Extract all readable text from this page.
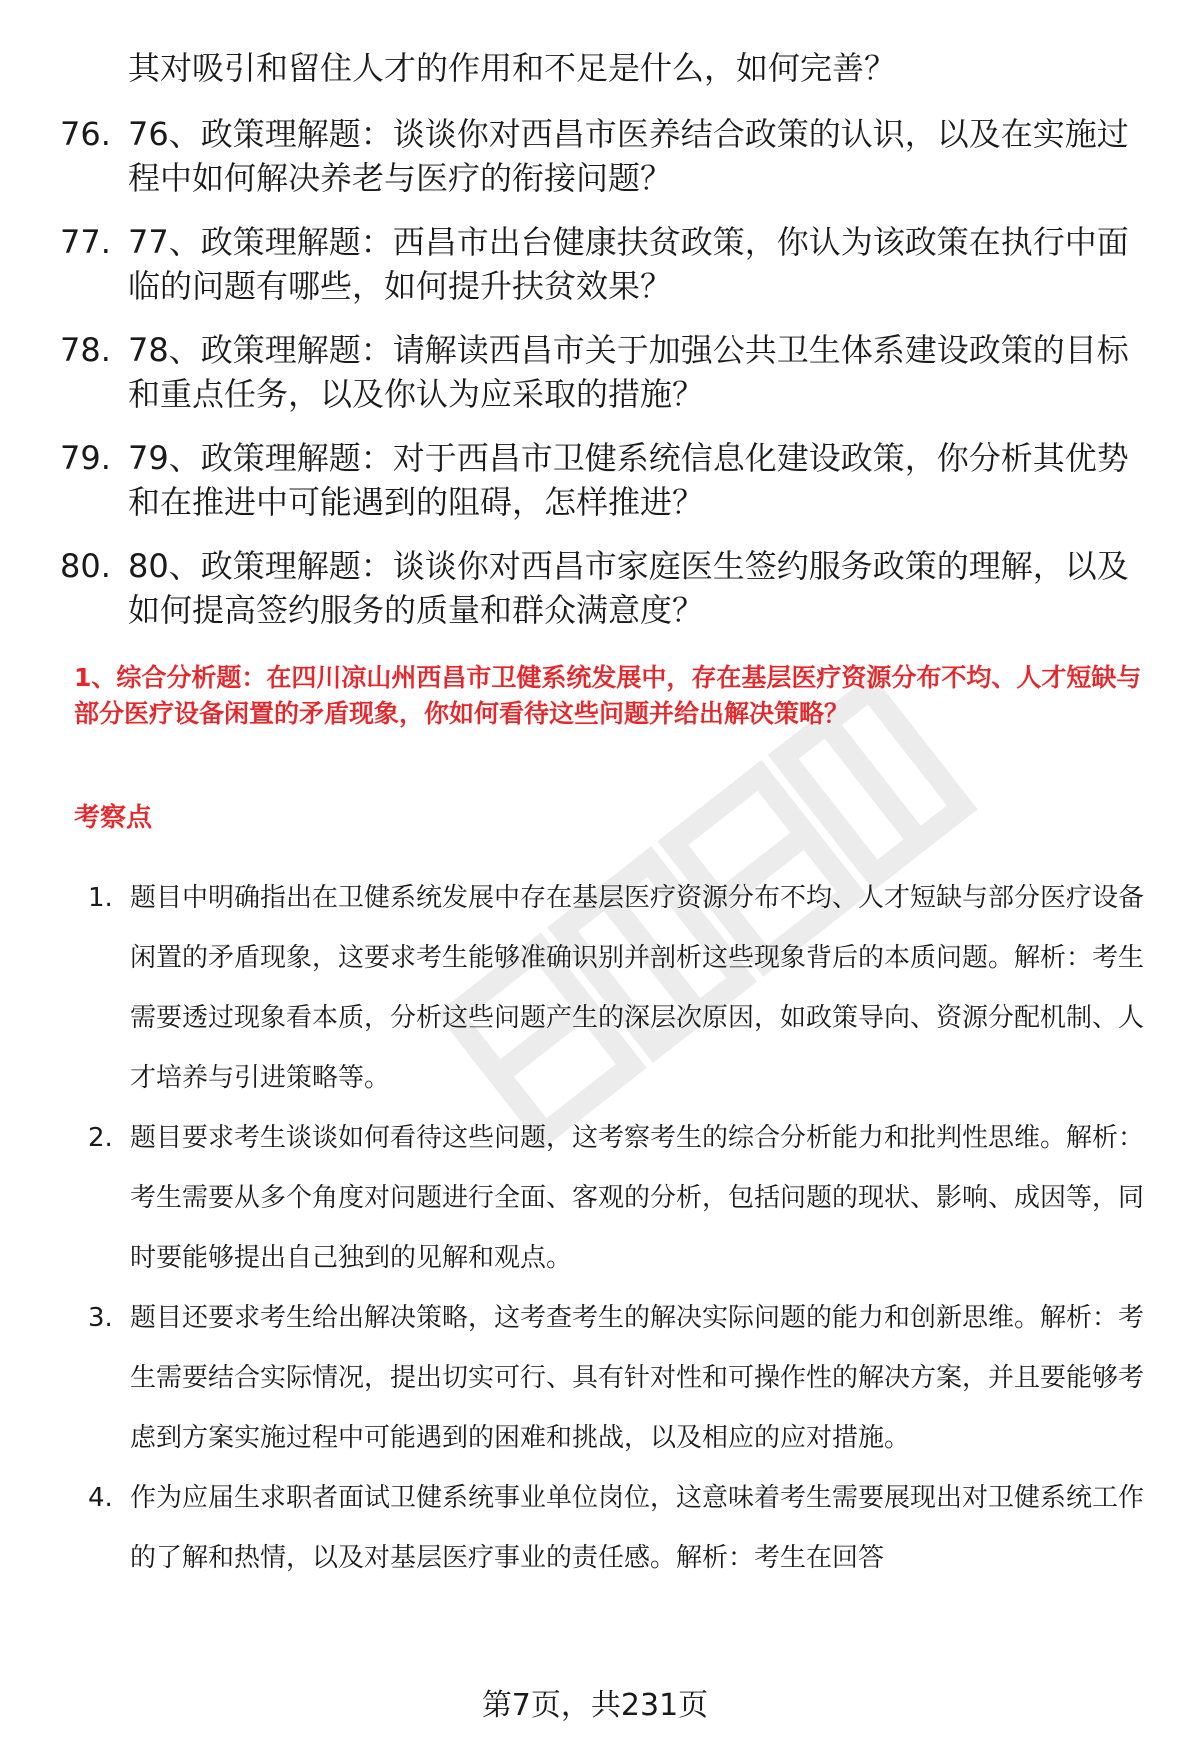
其对吸引和留住人才的作用和不足是什么，如何完善？

76. 76、政策理解题：谈谈你对西昌市医养结合政策的认识，以及在实施过程中如何解决养老与医疗的衔接问题？
77. 77、政策理解题：西昌市出台健康扶贫政策，你认为该政策在执行中面临的问题有哪些，如何提升扶贫效果？
78. 78、政策理解题：请解读西昌市关于加强公共卫生体系建设政策的目标和重点任务，以及你认为应采取的措施？
79. 79、政策理解题：对于西昌市卫健系统信息化建设政策，你分析其优势和在推进中可能遇到的阻碍，怎样推进？
80. 80、政策理解题：谈谈你对西昌市家庭医生签约服务政策的理解，以及如何提高签约服务的质量和群众满意度？
1、综合分析题：在四川凉山州西昌市卫健系统发展中，存在基层医疗资源分布不均、人才短缺与部分医疗设备闲置的矛盾现象，你如何看待这些问题并给出解决策略？
考察点
1. 题目中明确指出在卫健系统发展中存在基层医疗资源分布不均、人才短缺与部分医疗设备闲置的矛盾现象，这要求考生能够准确识别并剖析这些现象背后的本质问题。解析：考生需要透过现象看本质，分析这些问题产生的深层次原因，如政策导向、资源分配机制、人才培养与引进策略等。
2. 题目要求考生谈谈如何看待这些问题，这考察考生的综合分析能力和批判性思维。解析：考生需要从多个角度对问题进行全面、客观的分析，包括问题的现状、影响、成因等，同时要能够提出自己独到的见解和观点。
3. 题目还要求考生给出解决策略，这考查考生的解决实际问题的能力和创新思维。解析：考生需要结合实际情况，提出切实可行、具有针对性和可操作性的解决方案，并且要能够考虑到方案实施过程中可能遇到的困难和挑战，以及相应的应对措施。
4. 作为应届生求职者面试卫健系统事业单位岗位，这意味着考生需要展现出对卫健系统工作的了解和热情，以及对基层医疗事业的责任感。解析：考生在回答

第7页，共231页
